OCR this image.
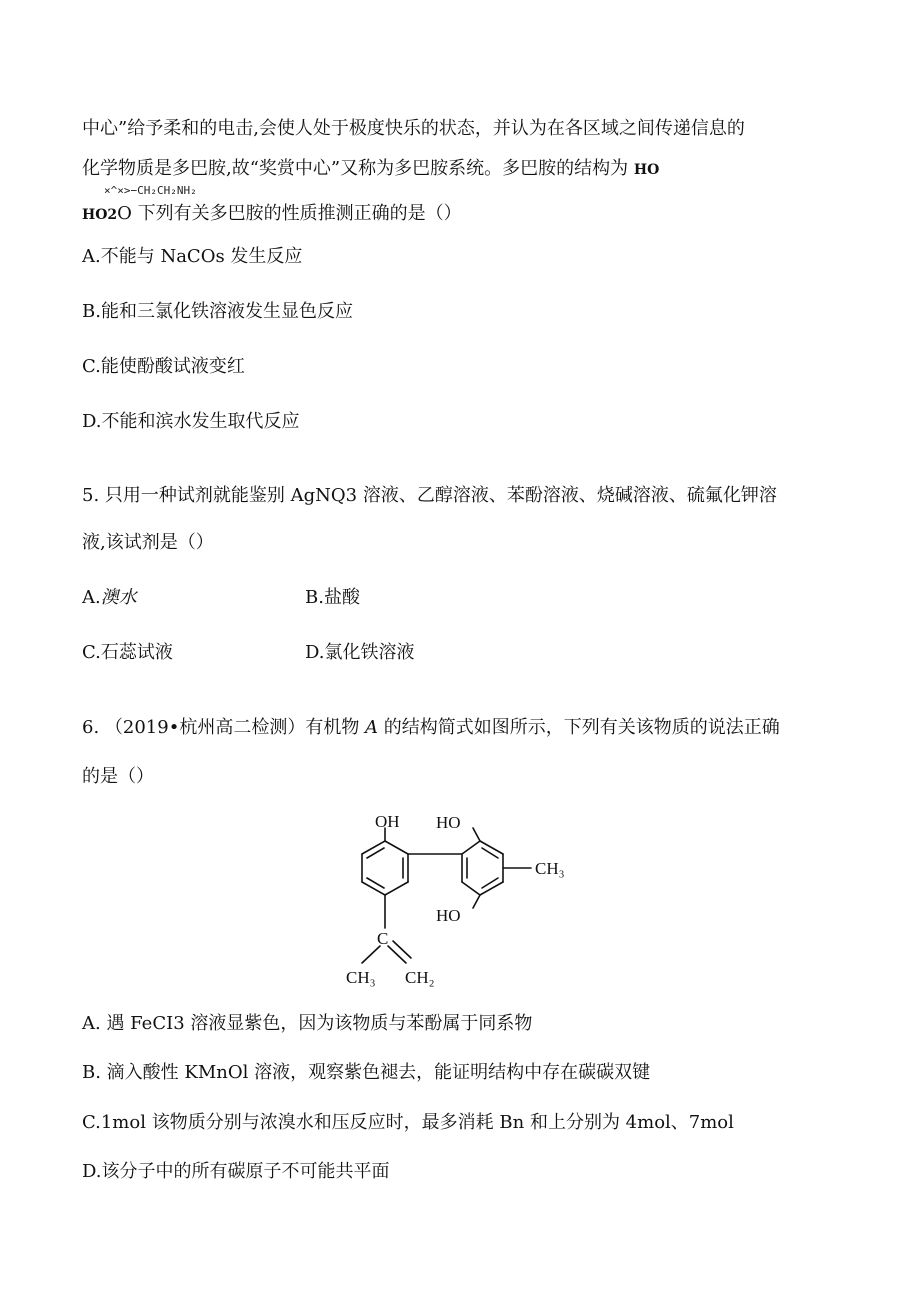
中心”给予柔和的电击,会使人处于极度快乐的状态，并认为在各区域之间传递信息的
化学物质是多巴胺,故“奖赏中心”又称为多巴胺系统。多巴胺的结构为 HO
×^×>−CH₂CH₂NH₂
HO2O 下列有关多巴胺的性质推测正确的是（）
A.不能与 NaCOs 发生反应
B.能和三氯化铁溶液发生显色反应
C.能使酚酸试液变红
D.不能和滨水发生取代反应
5. 只用一种试剂就能鉴别 AgNQ3 溶液、乙醇溶液、苯酚溶液、烧碱溶液、硫氟化钾溶
液,该试剂是（）
A.澳水	B.盐酸
C.石蕊试液	D.氯化铁溶液
6. （2019•杭州高二检测）有机物 A 的结构简式如图所示，下列有关该物质的说法正确
的是（）
OH HO
CH₃
HO
C
CH₃ CH₂
A. 遇 FeCI3 溶液显紫色，因为该物质与苯酚属于同系物
B. 滴入酸性 KMnOl 溶液，观察紫色褪去，能证明结构中存在碳碳双键
C.1mol 该物质分别与浓溴水和压反应时，最多消耗 Bn 和上分别为 4mol、7mol
D.该分子中的所有碳原子不可能共平面
